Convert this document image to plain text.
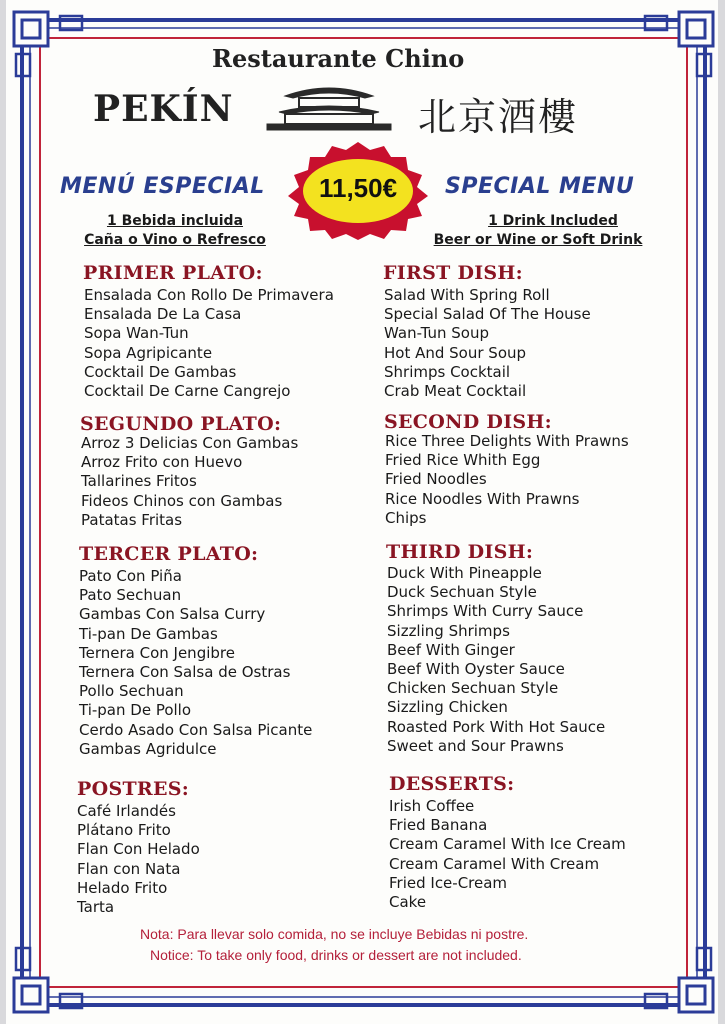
Restaurante Chino
PEKÍN	北京酒樓
MENÚ ESPECIAL	SPECIAL MENU
11,50€
1 Bebida incluida
Caña o Vino o Refresco
1 Drink Included
Beer or Wine or Soft Drink
PRIMER PLATO:
Ensalada Con Rollo De Primavera
Ensalada De La Casa
Sopa Wan-Tun
Sopa Agripicante
Cocktail De Gambas
Cocktail De Carne Cangrejo
SEGUNDO PLATO:
Arroz 3 Delicias Con Gambas
Arroz Frito con Huevo
Tallarines Fritos
Fideos Chinos con Gambas
Patatas Fritas
TERCER PLATO:
Pato Con Piña
Pato Sechuan
Gambas Con Salsa Curry
Ti-pan De Gambas
Ternera Con Jengibre
Ternera Con Salsa de Ostras
Pollo Sechuan
Ti-pan De Pollo
Cerdo Asado Con Salsa Picante
Gambas Agridulce
POSTRES:
Café Irlandés
Plátano Frito
Flan Con Helado
Flan con Nata
Helado Frito
Tarta
FIRST DISH:
Salad With Spring Roll
Special Salad Of The House
Wan-Tun Soup
Hot And Sour Soup
Shrimps Cocktail
Crab Meat Cocktail
SECOND DISH:
Rice Three Delights With Prawns
Fried Rice Whith Egg
Fried Noodles
Rice Noodles With Prawns
Chips
THIRD DISH:
Duck With Pineapple
Duck Sechuan Style
Shrimps With Curry Sauce
Sizzling Shrimps
Beef With Ginger
Beef With Oyster Sauce
Chicken Sechuan Style
Sizzling Chicken
Roasted Pork With Hot Sauce
Sweet and Sour Prawns
DESSERTS:
Irish Coffee
Fried Banana
Cream Caramel With Ice Cream
Cream Caramel With Cream
Fried Ice-Cream
Cake
Nota: Para llevar solo comida, no se incluye Bebidas ni postre.
Notice: To take only food, drinks or dessert are not included.
